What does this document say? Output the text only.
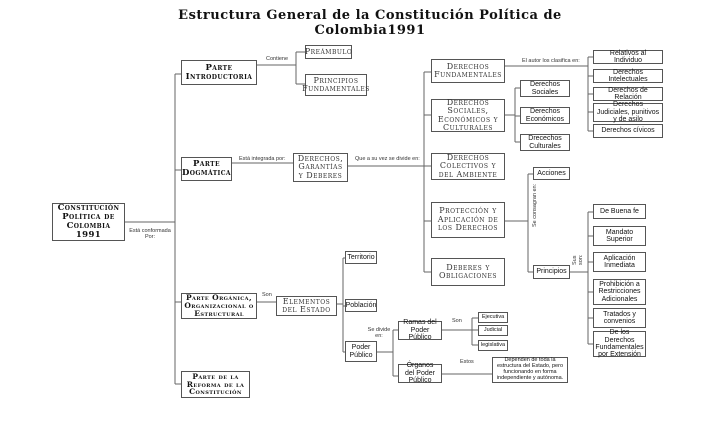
Estructura General de la Constitución Política de Colombia1991
Constitución Política de Colombia 1991
Parte Introductoria
Parte Dogmática
Parte Orgánica, Organizacional o Estructural
Parte de la Reforma de la Constitución
Preámbulo
Principios Fundamentales
Derechos, Garantías y Deberes
Derechos Fundamentales
Derechos Sociales, Económicos y Culturales
Derechos Colectivos y del Ambiente
Protección y Aplicación de los Derechos
Deberes y Obligaciones
Relativos al Individuo
Derechos Intelectuales
Derechos de Relación
Derechos Judiciales, punitivos y de asilo
Derechos cívicos
Derechos Sociales
Derechos Económicos
Drecechos Culturales
Acciones
Principios
De Buena fe
Mandato Superior
Aplicación Inmediata
Prohibición a Restricciones Adicionales
Tratados y convenios
De los Derechos Fundamentales por Extensión
Elementos del Estado
Territorio
Población
Poder Público
Ramas del Poder Público
Órganos del Poder Público
Ejecutiva
Judicial
legislativa
Dependen de toda la estructura del Estado, pero funcionando en forma independiente y autónoma.
Está conformada Por:
Contiene	El autor los clasifica en:
Está integrada por:	Que a su vez se divide en:
Se consagran en:
Sus son:
Son
Se divide en:
Son
Estos
